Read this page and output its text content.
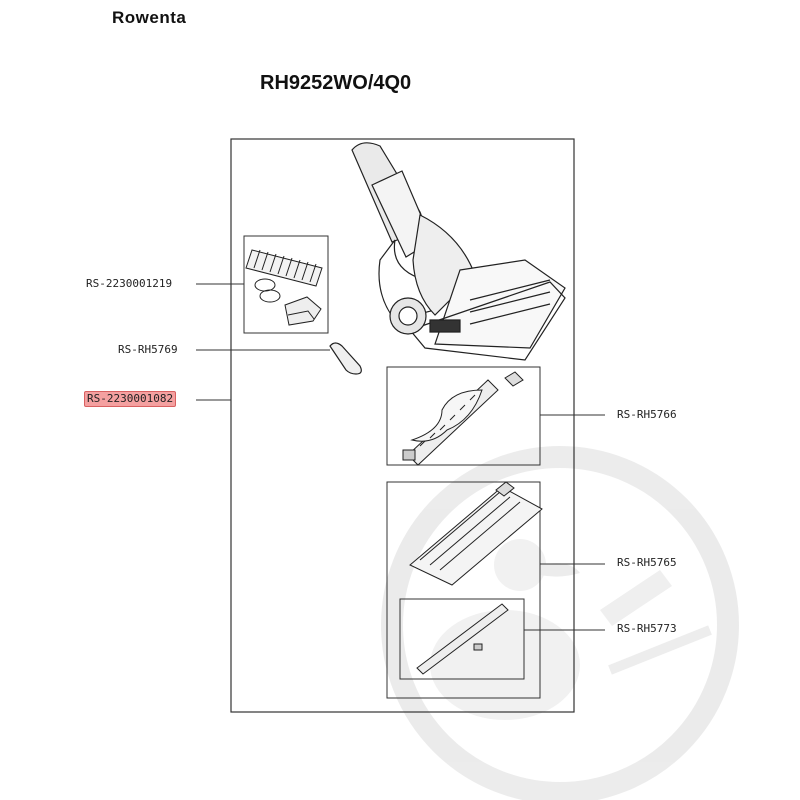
Rowenta
RH9252WO/4Q0
RS-2230001219
RS-RH5769
RS-2230001082
RS-RH5766
RS-RH5765
RS-RH5773
